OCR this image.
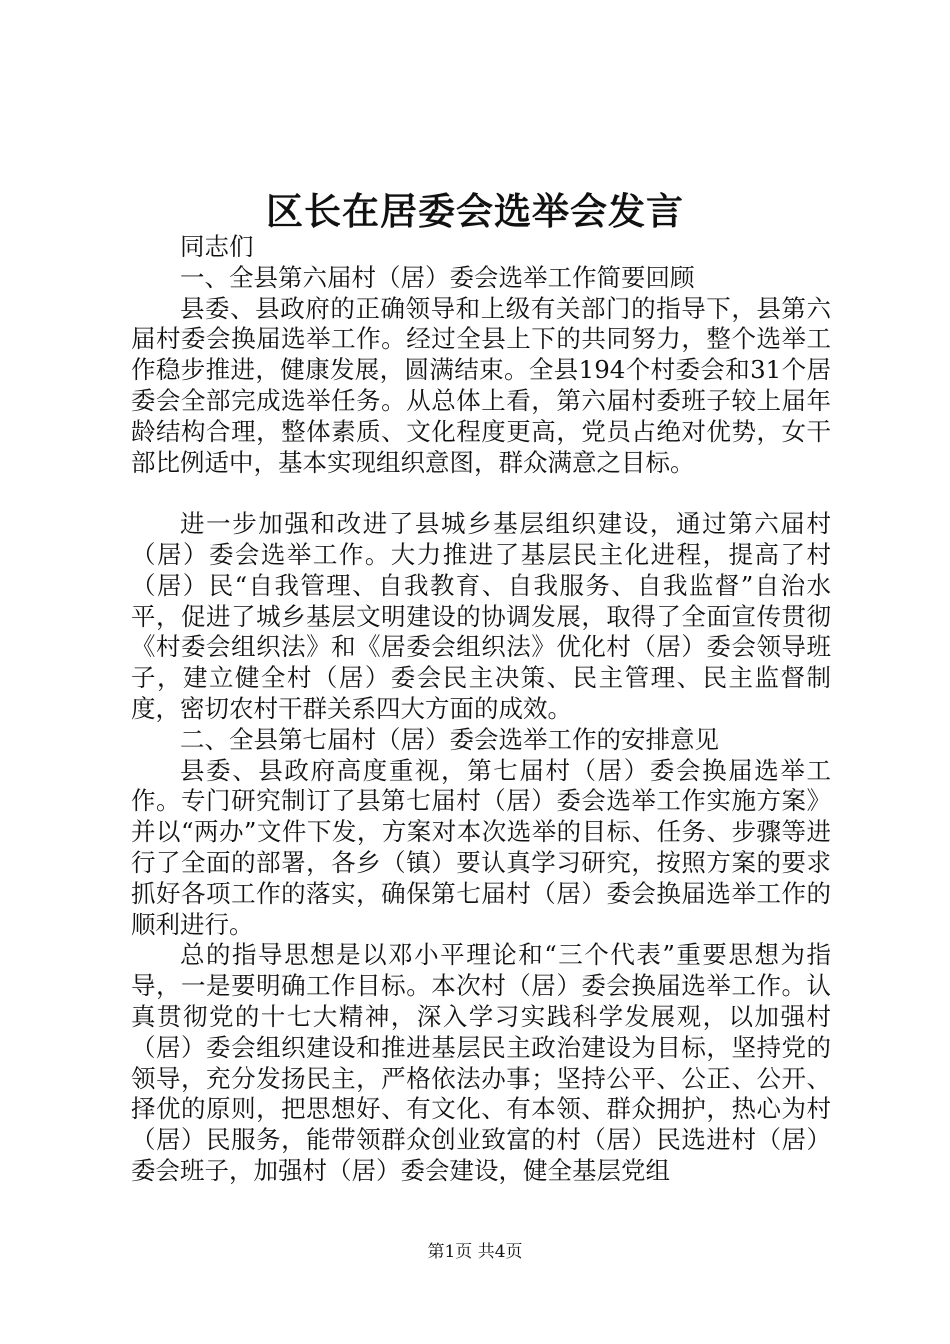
区长在居委会选举会发言

同志们

一、全县第六届村（居）委会选举工作简要回顾

县委、县政府的正确领导和上级有关部门的指导下，县第六届村委会换届选举工作。经过全县上下的共同努力，整个选举工作稳步推进，健康发展，圆满结束。全县194个村委会和31个居委会全部完成选举任务。从总体上看，第六届村委班子较上届年龄结构合理，整体素质、文化程度更高，党员占绝对优势，女干部比例适中，基本实现组织意图，群众满意之目标。

进一步加强和改进了县城乡基层组织建设，通过第六届村（居）委会选举工作。大力推进了基层民主化进程，提高了村（居）民“自我管理、自我教育、自我服务、自我监督”自治水平，促进了城乡基层文明建设的协调发展，取得了全面宣传贯彻《村委会组织法》和《居委会组织法》优化村（居）委会领导班子，建立健全村（居）委会民主决策、民主管理、民主监督制度，密切农村干群关系四大方面的成效。

二、全县第七届村（居）委会选举工作的安排意见

县委、县政府高度重视，第七届村（居）委会换届选举工作。专门研究制订了县第七届村（居）委会选举工作实施方案》并以“两办”文件下发，方案对本次选举的目标、任务、步骤等进行了全面的部署，各乡（镇）要认真学习研究，按照方案的要求抓好各项工作的落实，确保第七届村（居）委会换届选举工作的顺利进行。

总的指导思想是以邓小平理论和“三个代表”重要思想为指导，一是要明确工作目标。本次村（居）委会换届选举工作。认真贯彻党的十七大精神，深入学习实践科学发展观，以加强村（居）委会组织建设和推进基层民主政治建设为目标，坚持党的领导，充分发扬民主，严格依法办事；坚持公平、公正、公开、择优的原则，把思想好、有文化、有本领、群众拥护，热心为村（居）民服务，能带领群众创业致富的村（居）民选进村（居）委会班子，加强村（居）委会建设，健全基层党组

第1页 共4页
